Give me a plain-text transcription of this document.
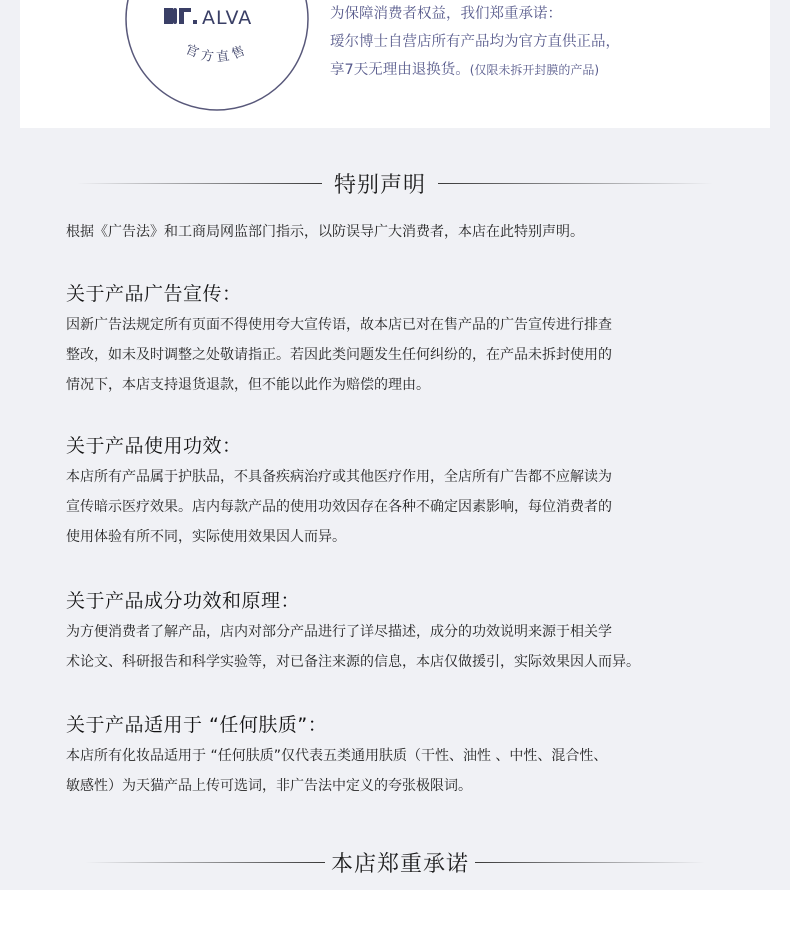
ALVA
官方直售
为保障消费者权益，我们郑重承诺：
瑷尔博士自营店所有产品均为官方直供正品，
享7天无理由退换货。(仅限未拆开封膜的产品)
特别声明
根据《广告法》和工商局网监部门指示，以防误导广大消费者，本店在此特别声明。
关于产品广告宣传：

因新广告法规定所有页面不得使用夸大宣传语，故本店已对在售产品的广告宣传进行排查
整改，如未及时调整之处敬请指正。若因此类问题发生任何纠纷的，在产品未拆封使用的
情况下，本店支持退货退款，但不能以此作为赔偿的理由。

关于产品使用功效：

本店所有产品属于护肤品，不具备疾病治疗或其他医疗作用，全店所有广告都不应解读为
宣传暗示医疗效果。店内每款产品的使用功效因存在各种不确定因素影响，每位消费者的
使用体验有所不同，实际使用效果因人而异。

关于产品成分功效和原理：

为方便消费者了解产品，店内对部分产品进行了详尽描述，成分的功效说明来源于相关学
术论文、科研报告和科学实验等，对已备注来源的信息，本店仅做援引，实际效果因人而异。

关于产品适用于 “任何肤质”：

本店所有化妆品适用于 “任何肤质”仅代表五类通用肤质（干性、油性 、中性、混合性、
敏感性）为天猫产品上传可选词，非广告法中定义的夸张极限词。

本店郑重承诺
